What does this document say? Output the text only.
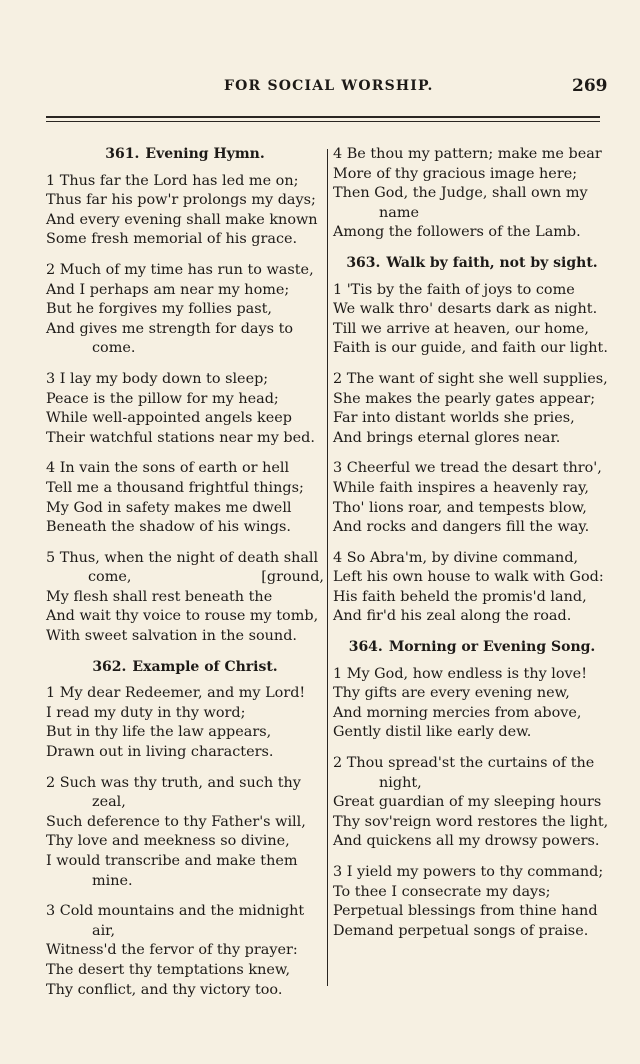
FOR SOCIAL WORSHIP.	269
361. Evening Hymn.
1 Thus far the Lord has led me on;
Thus far his pow'r prolongs my days;
And every evening shall make known
Some fresh memorial of his grace.
2 Much of my time has run to waste,
And I perhaps am near my home;
But he forgives my follies past,
And gives me strength for days to
come.
3 I lay my body down to sleep;
Peace is the pillow for my head;
While well-appointed angels keep
Their watchful stations near my bed.
4 In vain the sons of earth or hell
Tell me a thousand frightful things;
My God in safety makes me dwell
Beneath the shadow of his wings.
5 Thus, when the night of death shall
come,	[ground,
My flesh shall rest beneath the
And wait thy voice to rouse my tomb,
With sweet salvation in the sound.
362. Example of Christ.
1 My dear Redeemer, and my Lord!
I read my duty in thy word;
But in thy life the law appears,
Drawn out in living characters.
2 Such was thy truth, and such thy
zeal,
Such deference to thy Father's will,
Thy love and meekness so divine,
I would transcribe and make them
mine.
3 Cold mountains and the midnight
air,
Witness'd the fervor of thy prayer:
The desert thy temptations knew,
Thy conflict, and thy victory too.
4 Be thou my pattern; make me bear
More of thy gracious image here;
Then God, the Judge, shall own my
name
Among the followers of the Lamb.
363. Walk by faith, not by sight.
1 'Tis by the faith of joys to come
We walk thro' desarts dark as night.
Till we arrive at heaven, our home,
Faith is our guide, and faith our light.
2 The want of sight she well supplies,
She makes the pearly gates appear;
Far into distant worlds she pries,
And brings eternal glores near.
3 Cheerful we tread the desart thro',
While faith inspires a heavenly ray,
Tho' lions roar, and tempests blow,
And rocks and dangers fill the way.
4 So Abra'm, by divine command,
Left his own house to walk with God:
His faith beheld the promis'd land,
And fir'd his zeal along the road.
364. Morning or Evening Song.
1 My God, how endless is thy love!
Thy gifts are every evening new,
And morning mercies from above,
Gently distil like early dew.
2 Thou spread'st the curtains of the
night,
Great guardian of my sleeping hours
Thy sov'reign word restores the light,
And quickens all my drowsy powers.
3 I yield my powers to thy command;
To thee I consecrate my days;
Perpetual blessings from thine hand
Demand perpetual songs of praise.
